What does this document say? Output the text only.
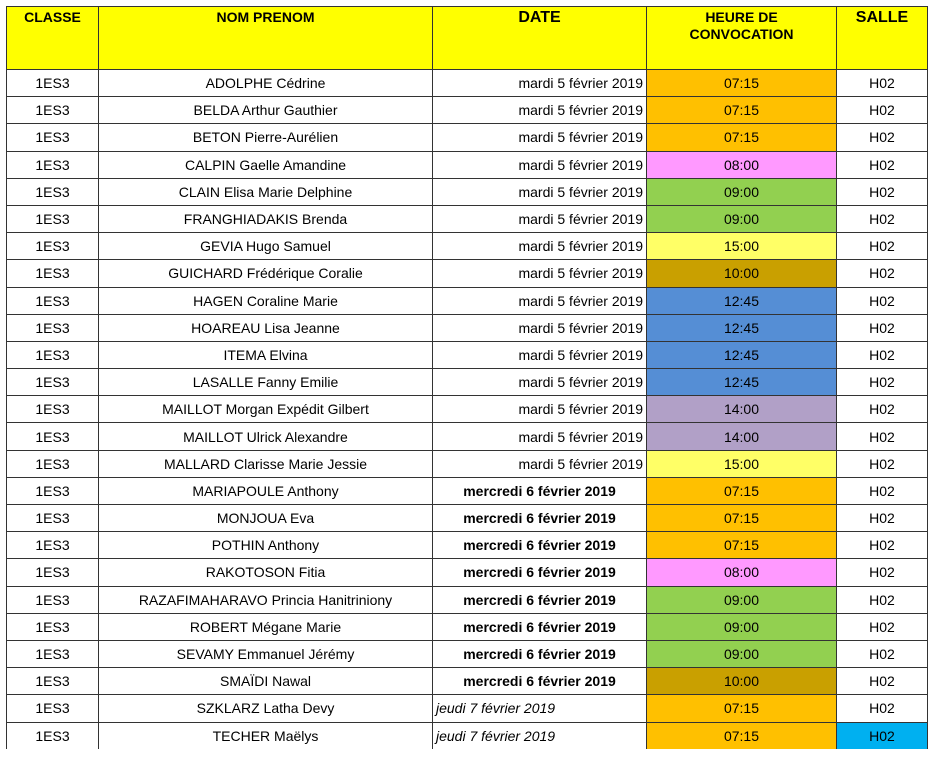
CLASSE	NOM PRENOM	DATE	HEURE DE
CONVOCATION	SALLE
1ES3	ADOLPHE Cédrine	mardi 5 février 2019	07:15	H02
1ES3	BELDA Arthur Gauthier	mardi 5 février 2019	07:15	H02
1ES3	BETON Pierre-Aurélien	mardi 5 février 2019	07:15	H02
1ES3	CALPIN Gaelle Amandine	mardi 5 février 2019	08:00	H02
1ES3	CLAIN Elisa Marie Delphine	mardi 5 février 2019	09:00	H02
1ES3	FRANGHIADAKIS Brenda	mardi 5 février 2019	09:00	H02
1ES3	GEVIA Hugo Samuel	mardi 5 février 2019	15:00	H02
1ES3	GUICHARD Frédérique Coralie	mardi 5 février 2019	10:00	H02
1ES3	HAGEN Coraline Marie	mardi 5 février 2019	12:45	H02
1ES3	HOAREAU Lisa Jeanne	mardi 5 février 2019	12:45	H02
1ES3	ITEMA Elvina	mardi 5 février 2019	12:45	H02
1ES3	LASALLE Fanny Emilie	mardi 5 février 2019	12:45	H02
1ES3	MAILLOT Morgan Expédit Gilbert	mardi 5 février 2019	14:00	H02
1ES3	MAILLOT Ulrick Alexandre	mardi 5 février 2019	14:00	H02
1ES3	MALLARD Clarisse Marie Jessie	mardi 5 février 2019	15:00	H02
1ES3	MARIAPOULE Anthony	mercredi 6 février 2019	07:15	H02
1ES3	MONJOUA Eva	mercredi 6 février 2019	07:15	H02
1ES3	POTHIN Anthony	mercredi 6 février 2019	07:15	H02
1ES3	RAKOTOSON Fitia	mercredi 6 février 2019	08:00	H02
1ES3	RAZAFIMAHARAVO Princia Hanitriniony	mercredi 6 février 2019	09:00	H02
1ES3	ROBERT Mégane Marie	mercredi 6 février 2019	09:00	H02
1ES3	SEVAMY Emmanuel Jérémy	mercredi 6 février 2019	09:00	H02
1ES3	SMAÏDI Nawal	mercredi 6 février 2019	10:00	H02
1ES3	SZKLARZ Latha Devy	jeudi 7 février 2019	07:15	H02
1ES3	TECHER Maëlys	jeudi 7 février 2019	07:15	H02
